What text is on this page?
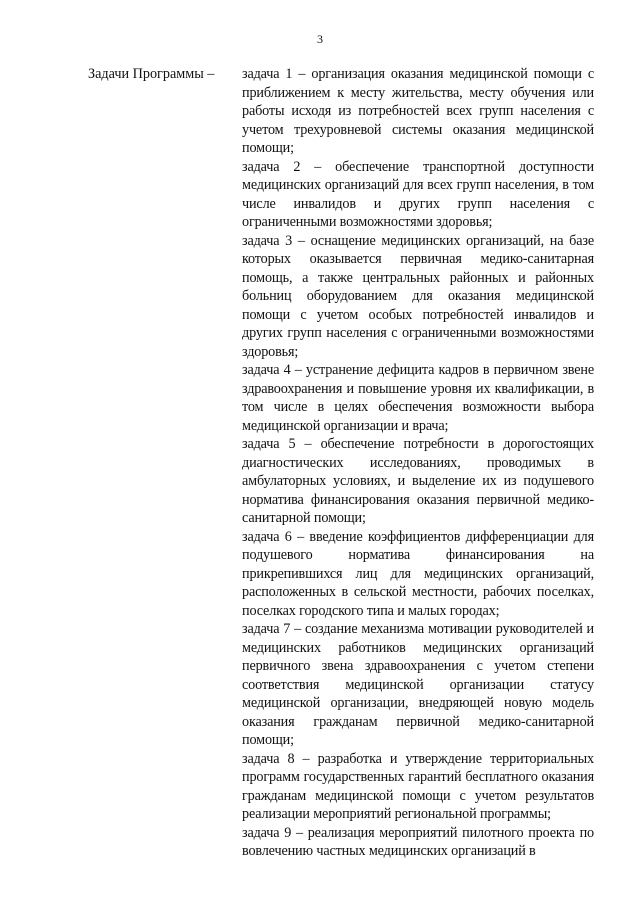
3
Задачи Программы – задача 1 – организация оказания медицинской помощи с приближением к месту жительства, месту обучения или работы исходя из потребностей всех групп населения с учетом трехуровневой системы оказания медицинской помощи;

задача 2 – обеспечение транспортной доступности медицинских организаций для всех групп населения, в том числе инвалидов и других групп населения с ограниченными возможностями здоровья;

задача 3 – оснащение медицинских организаций, на базе которых оказывается первичная медико-санитарная помощь, а также центральных районных и районных больниц оборудованием для оказания медицинской помощи с учетом особых потребностей инвалидов и других групп населения с ограниченными возможностями здоровья;

задача 4 – устранение дефицита кадров в первичном звене здравоохранения и повышение уровня их квалификации, в том числе в целях обеспечения возможности выбора медицинской организации и врача;

задача 5 – обеспечение потребности в дорогостоящих диагностических исследованиях, проводимых в амбулаторных условиях, и выделение их из подушевого норматива финансирования оказания первичной медико-санитарной помощи;

задача 6 – введение коэффициентов дифференциации для подушевого норматива финансирования на прикрепившихся лиц для медицинских организаций, расположенных в сельской местности, рабочих поселках, поселках городского типа и малых городах;

задача 7 – создание механизма мотивации руководителей и медицинских работников медицинских организаций первичного звена здравоохранения с учетом степени соответствия медицинской организации статусу медицинской организации, внедряющей новую модель оказания гражданам первичной медико-санитарной помощи;

задача 8 – разработка и утверждение территориальных программ государственных гарантий бесплатного оказания гражданам медицинской помощи с учетом результатов реализации мероприятий региональной программы;

задача 9 – реализация мероприятий пилотного проекта по вовлечению частных медицинских организаций в
